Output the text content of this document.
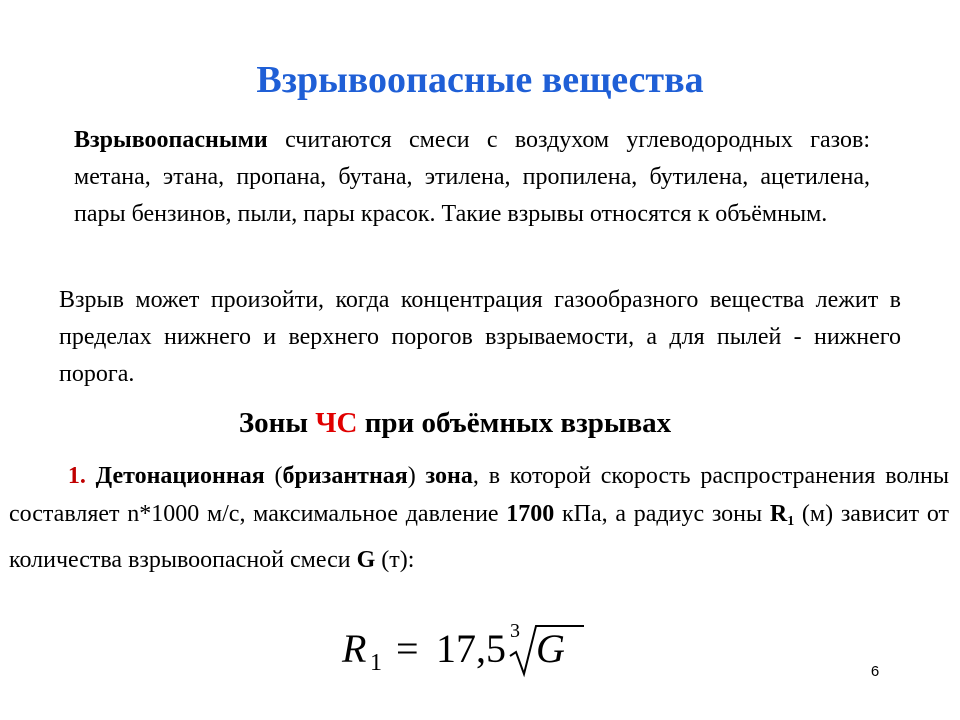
Взрывоопасные вещества
Взрывоопасными считаются смеси с воздухом углеводородных газов: метана, этана, пропана, бутана, этилена, пропилена, бутилена, ацетилена, пары бензинов, пыли, пары красок. Такие взрывы относятся к объёмным.
Взрыв может произойти, когда концентрация газообразного вещества лежит в пределах нижнего и верхнего порогов взрываемости, а для пылей - нижнего порога.
Зоны ЧС при объёмных взрывах
1. Детонационная (бризантная) зона, в которой скорость распространения волны составляет n*1000 м/с, максимальное давление 1700 кПа, а радиус зоны $R_1$ (м) зависит от количества взрывоопасной смеси G (т):
R 1 = 17,5 3 G
6
